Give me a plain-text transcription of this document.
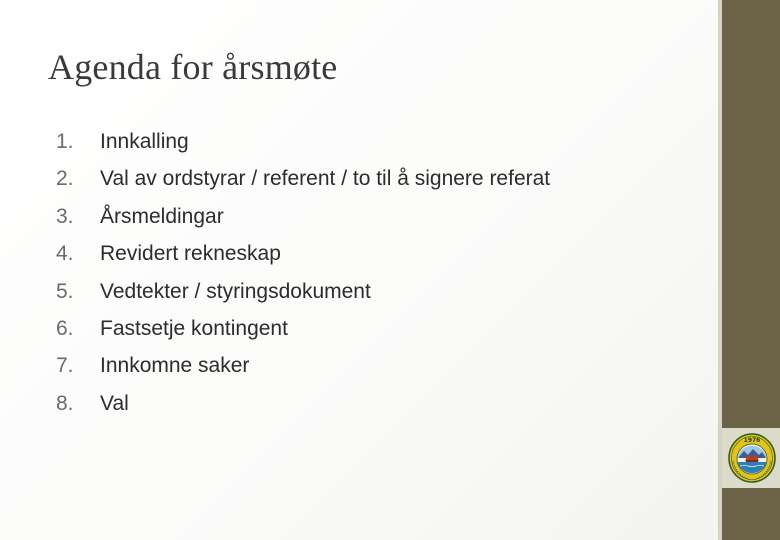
Agenda for årsmøte
1.	Innkalling
2.	Val av ordstyrar / referent / to til å signere referat
3.	Årsmeldingar
4.	Revidert rekneskap
5.	Vedtekter / styringsdokument
6.	Fastsetje kontingent
7.	Innkomne saker
8.	Val
1976
